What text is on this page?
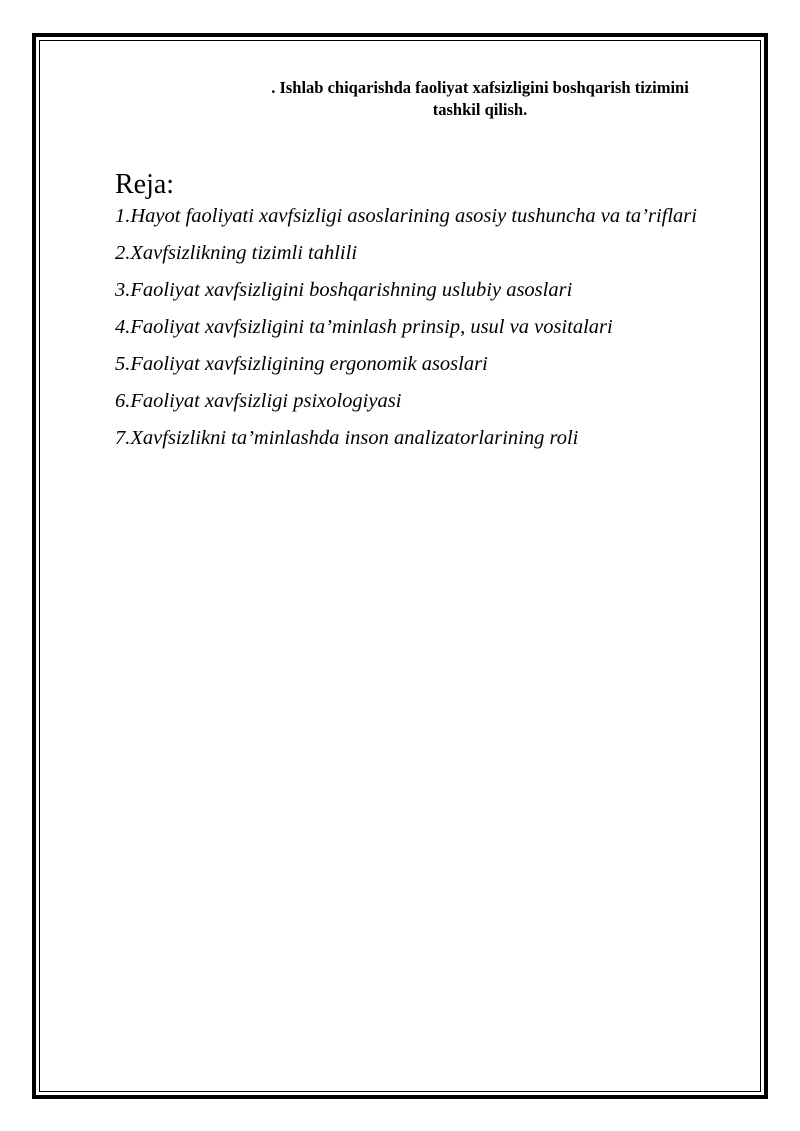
. Ishlab chiqarishda faoliyat xafsizligini boshqarish tizimini
tashkil qilish.
Reja:
1.Hayot faoliyati xavfsizligi asoslarining asosiy tushuncha va ta’riflari
2.Xavfsizlikning tizimli tahlili
3.Faoliyat xavfsizligini boshqarishning uslubiy asoslari
4.Faoliyat xavfsizligini ta’minlash prinsip, usul va vositalari
5.Faoliyat xavfsizligining ergonomik asoslari
6.Faoliyat xavfsizligi psixologiyasi
7.Xavfsizlikni ta’minlashda inson analizatorlarining roli
